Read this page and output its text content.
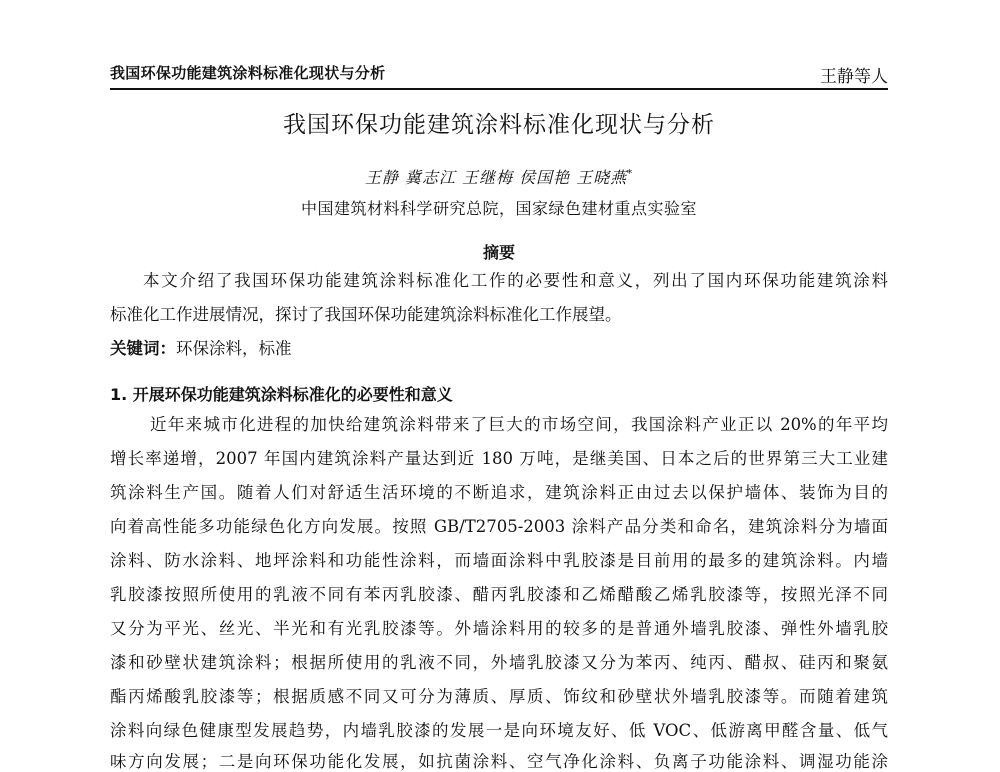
我国环保功能建筑涂料标准化现状与分析	王静等人
我国环保功能建筑涂料标准化现状与分析
王静 冀志江 王继梅 侯国艳 王晓燕*
中国建筑材料科学研究总院，国家绿色建材重点实验室
摘要
本文介绍了我国环保功能建筑涂料标准化工作的必要性和意义，列出了国内环保功能建筑涂料
标准化工作进展情况，探讨了我国环保功能建筑涂料标准化工作展望。
关键词：环保涂料，标准
1. 开展环保功能建筑涂料标准化的必要性和意义
近年来城市化进程的加快给建筑涂料带来了巨大的市场空间，我国涂料产业正以 20%的年平均
增长率递增，2007 年国内建筑涂料产量达到近 180 万吨，是继美国、日本之后的世界第三大工业建
筑涂料生产国。随着人们对舒适生活环境的不断追求，建筑涂料正由过去以保护墙体、装饰为目的
向着高性能多功能绿色化方向发展。按照 GB/T2705-2003 涂料产品分类和命名，建筑涂料分为墙面
涂料、防水涂料、地坪涂料和功能性涂料，而墙面涂料中乳胶漆是目前用的最多的建筑涂料。内墙
乳胶漆按照所使用的乳液不同有苯丙乳胶漆、醋丙乳胶漆和乙烯醋酸乙烯乳胶漆等，按照光泽不同
又分为平光、丝光、半光和有光乳胶漆等。外墙涂料用的较多的是普通外墙乳胶漆、弹性外墙乳胶
漆和砂壁状建筑涂料；根据所使用的乳液不同，外墙乳胶漆又分为苯丙、纯丙、醋叔、硅丙和聚氨
酯丙烯酸乳胶漆等；根据质感不同又可分为薄质、厚质、饰纹和砂壁状外墙乳胶漆等。而随着建筑
涂料向绿色健康型发展趋势，内墙乳胶漆的发展一是向环境友好、低 VOC、低游离甲醛含量、低气
味方向发展；二是向环保功能化发展，如抗菌涂料、空气净化涂料、负离子功能涂料、调湿功能涂
